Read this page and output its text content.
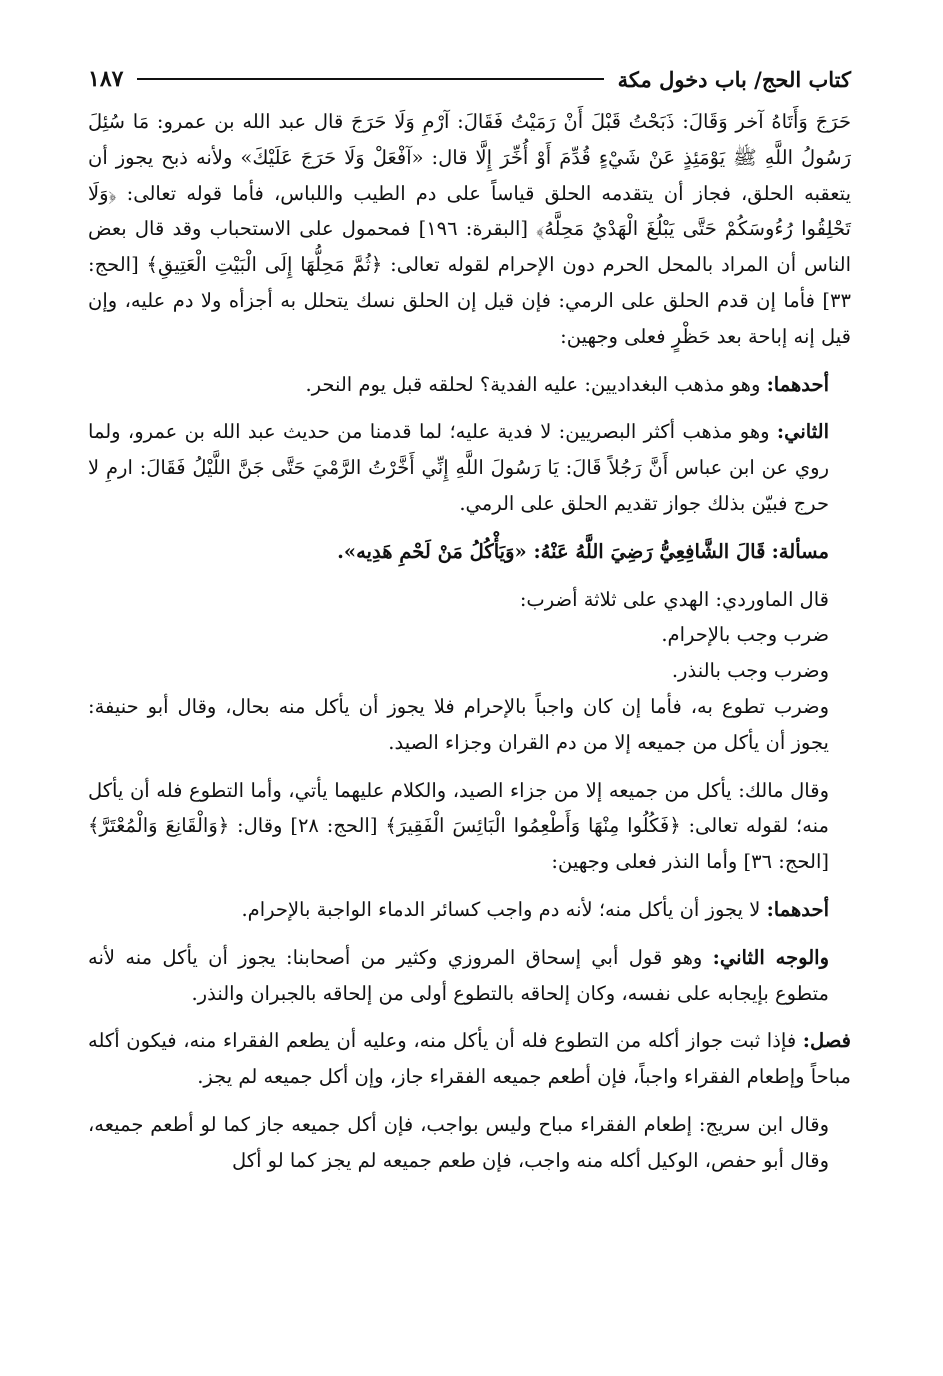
كتاب الحج/ باب دخول مكة
١٨٧

حَرَجَ وَأَتَاهُ آخر وَقَالَ: ذَبَحْتُ قَبْلَ أَنْ رَمَيْتُ فَقَالَ: آرْمِ وَلَا حَرَجَ قال عبد الله بن عمرو: مَا سُئِلَ رَسُولُ اللَّهِ ﷺ يَوْمَئِذٍ عَنْ شَيْءٍ قُدِّمَ أَوْ أُخِّرَ إِلَّا قال: «آفْعَلْ وَلَا حَرَجَ عَلَيْكَ» ولأنه ذبح يجوز أن يتعقبه الحلق، فجاز أن يتقدمه الحلق قياساً على دم الطيب واللباس، فأما قوله تعالى: ﴿وَلَا تَحْلِقُوا رُءُوسَكُمْ حَتَّى يَبْلُغَ الْهَدْيُ مَحِلَّهُ﴾ [البقرة: ١٩٦] فمحمول على الاستحباب وقد قال بعض الناس أن المراد بالمحل الحرم دون الإحرام لقوله تعالى: ﴿ثُمَّ مَحِلُّهَا إِلَى الْبَيْتِ الْعَتِيقِ﴾ [الحج: ٣٣] فأما إن قدم الحلق على الرمي: فإن قيل إن الحلق نسك يتحلل به أجزأه ولا دم عليه، وإن قيل إنه إباحة بعد حَظْرٍ فعلى وجهين:

أحدهما: وهو مذهب البغداديين: عليه الفدية؟ لحلقه قبل يوم النحر.

الثاني: وهو مذهب أكثر البصريين: لا فدية عليه؛ لما قدمنا من حديث عبد الله بن عمرو، ولما روي عن ابن عباس أَنَّ رَجُلاً قَالَ: يَا رَسُولَ اللَّهِ إِنِّي أَخَّرْتُ الرَّمْيَ حَتَّى جَنَّ اللَّيْلُ فَقَالَ: ارمِ لا حرج فبيّن بذلك جواز تقديم الحلق على الرمي.

مسألة: قَالَ الشَّافِعِيُّ رَضِيَ اللَّهُ عَنْهُ: «وَيَأْكُلُ مَنْ لَحْمِ هَدِيه».

قال الماوردي: الهدي على ثلاثة أضرب:

ضرب وجب بالإحرام.

وضرب وجب بالنذر.

وضرب تطوع به، فأما إن كان واجباً بالإحرام فلا يجوز أن يأكل منه بحال، وقال أبو حنيفة: يجوز أن يأكل من جميعه إلا من دم القران وجزاء الصيد.

وقال مالك: يأكل من جميعه إلا من جزاء الصيد، والكلام عليهما يأتي، وأما التطوع فله أن يأكل منه؛ لقوله تعالى: ﴿فَكُلُوا مِنْهَا وَأَطْعِمُوا الْبَائِسَ الْفَقِيرَ﴾ [الحج: ٢٨] وقال: ﴿وَالْقَانِعَ وَالْمُعْتَرَّ﴾ [الحج: ٣٦] وأما النذر فعلى وجهين:

أحدهما: لا يجوز أن يأكل منه؛ لأنه دم واجب كسائر الدماء الواجبة بالإحرام.

والوجه الثاني: وهو قول أبي إسحاق المروزي وكثير من أصحابنا: يجوز أن يأكل منه لأنه متطوع بإيجابه على نفسه، وكان إلحاقه بالتطوع أولى من إلحاقه بالجبران والنذر.

فصل: فإذا ثبت جواز أكله من التطوع فله أن يأكل منه، وعليه أن يطعم الفقراء منه، فيكون أكله مباحاً وإطعام الفقراء واجباً، فإن أطعم جميعه الفقراء جاز، وإن أكل جميعه لم يجز.

وقال ابن سريج: إطعام الفقراء مباح وليس بواجب، فإن أكل جميعه جاز كما لو أطعم جميعه، وقال أبو حفص، الوكيل أكله منه واجب، فإن طعم جميعه لم يجز كما لو أكل
